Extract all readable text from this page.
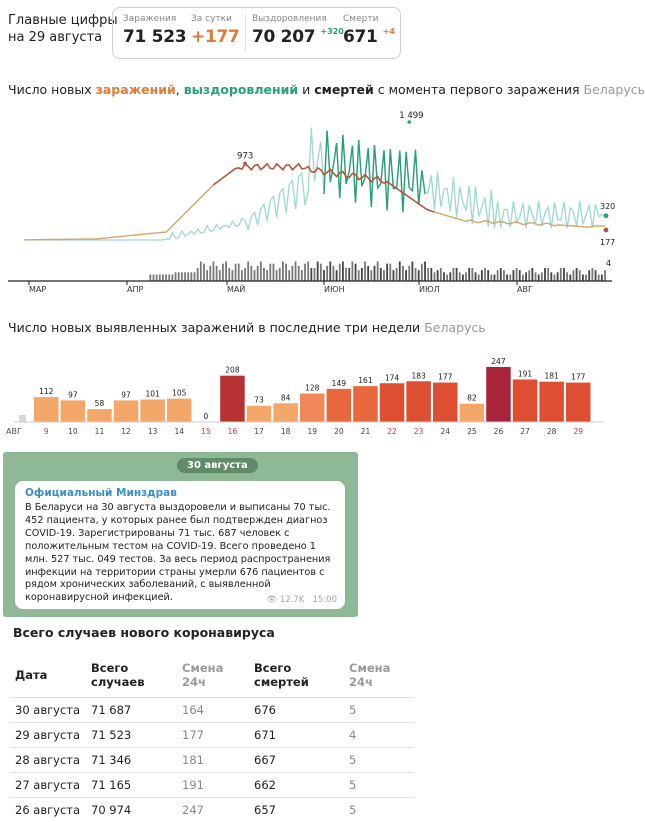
Главные цифры
на 29 августа
Заражения
71 523
За сутки
+177
Выздоровления
70 207 $^{+320}$
Смерти
671 $^{+4}$
Число новых заражений, выздоровлений и смертей с момента первого заражения Беларусь
МАР	АПР	МАЙ	ИЮН	ИЮЛ	АВГ
973
1 499
320
177
4
Число новых выявленных заражений в последние три недели Беларусь
112 97
58
97 101 105
0
208
73 84
128
149 161 174 183 177
82
247
191 181 177
АВГ	9	10 11 12 13 14 15 16 17 18 19 20 21 22 23 24 25 26 27 28 29
30 августа
Официальный Минздрав
В Беларуси на 30 августа выздоровели и выписаны 70 тыс. 452 пациента, у которых ранее был подтвержден диагноз COVID-19. Зарегистрированы 71 тыс. 687 человек с положительным тестом на COVID-19. Всего проведено 1 млн. 527 тыс. 049 тестов. За весь период распространения инфекции на территории страны умерли 676 пациентов с рядом хронических заболеваний, с выявленной коронавирусной инфекцией.	👁 12.7K 15:00
Всего случаев нового коронавируса
Дата	Всего случаев	Смена 24ч	Всего смертей	Смена 24ч
30 августа	71 687	164	676	5
29 августа	71 523	177	671	4
28 августа	71 346	181	667	5
27 августа	71 165	191	662	5
26 августа	70 974	247	657	5
